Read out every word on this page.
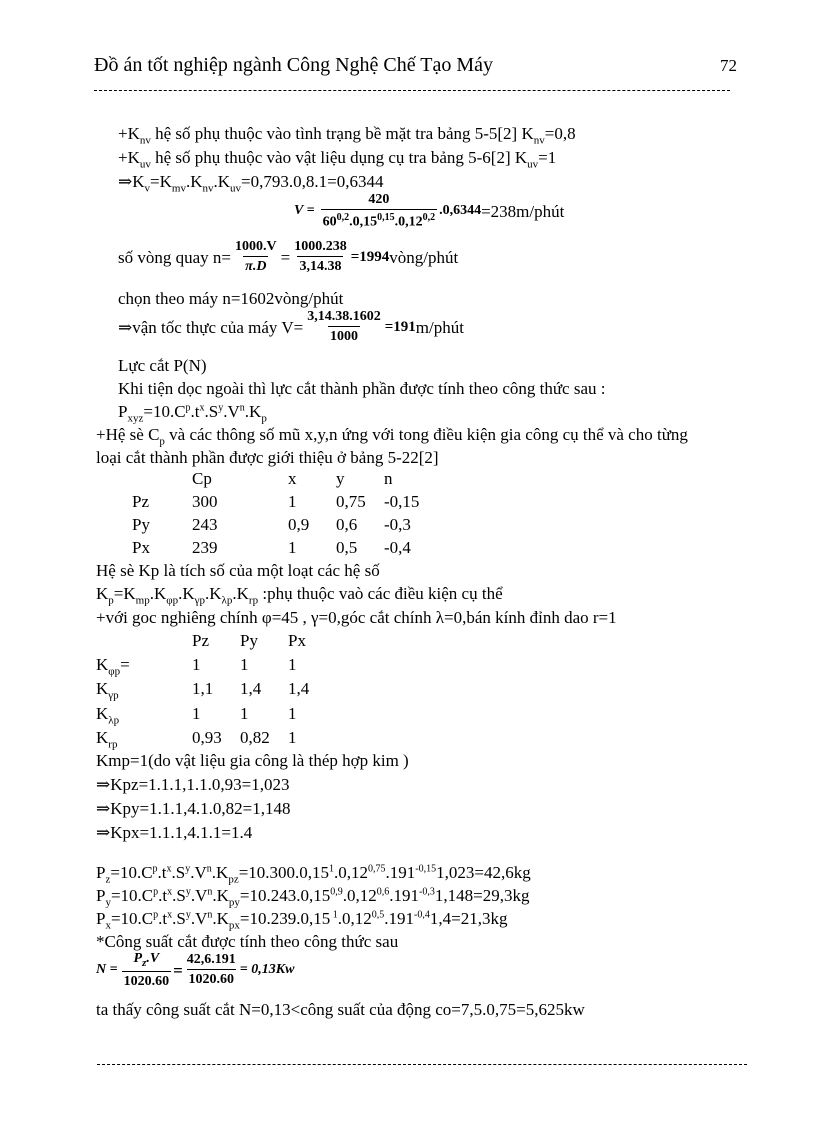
Đồ án tốt nghiệp ngành Công Nghệ Chế Tạo Máy	72
$+K_{nv}$ hệ số phụ thuộc vào tình trạng bề mặt tra bảng 5-5[2] $K_{nv}=0,8$
$+K_{uv}$ hệ số phụ thuộc vào vật liệu dụng cụ tra bảng 5-6[2] $K_{uv}=1$
$\Rightarrow K_v=K_{mv}.K_{nv}.K_{uv}=0,793.0,8.1=0,6344$
$V = \frac{420}{60^{0,2}.0,15^{0,15}.0,12^{0,2}} .0,6344$ =238m/phút
số vòng quay $n= \frac{1000.V}{\pi.D} = \frac{1000.238}{3,14.38} =1994$ vòng/phút
chọn theo máy n=1602vòng/phút
⇒vận tốc thực của máy $V= \frac{3,14.38.1602}{1000} =191$ m/phút
Lực cắt P(N)
Khi tiện dọc ngoài thì lực cắt thành phần được tính theo công thức sau :
$P_{xyz}=10.C^p.t^x.S^y.V^n.K_p$
+Hệ sè $C_p$ và các thông số mũ x,y,n ứng với tong điều kiện gia công cụ thể và cho từng
loại cắt thành phần được giới thiệu ở bảng 5-22[2]
Cp	x y n
Pz	300	1 0,75 -0,15
Py 243	0,9 0,6 -0,3
Px 239	1 0,5 -0,4
Hệ sè Kp là tích số của một loạt các hệ số
$K_p=K_{mp}.K_{\varphi p}.K_{\gamma p}.K_{\lambda p}.K_{rp}$ :phụ thuộc vaò các điều kiện cụ thể
+với goc nghiêng chính φ=45 , γ=0,góc cắt chính λ=0,bán kính đỉnh dao r=1
Pz Py Px
$K_{\varphi p}=$	1 1 1
$K_{\gamma p}$	1,1 1,4 1,4
$K_{\lambda p}$	1 1 1
$K_{rp}$	0,93 0,82 1
Kmp=1(do vật liệu gia công là thép hợp kim )
⇒Kpz=1.1.1,1.1.0,93=1,023
⇒Kpy=1.1.1,4.1.0,82=1,148
⇒Kpx=1.1.1,4.1.1=1.4
$P_z=10.C^p.t^x.S^y.V^n.K_{pz}=10.300.0,15^1.0,12^{0,75}.191^{-0,15}1,023=42,6kg$
$P_y=10.C^p.t^x.S^y.V^n.K_{py}=10.243.0,15^{0,9}.0,12^{0,6}.191^{-0,3}1,148=29,3kg$
$P_x=10.C^p.t^x.S^y.V^n.K_{px}=10.239.0,15$ $^1.0,12^{0,5}.191^{-0,4}1,4=21,3kg$
*Công suất cắt được tính theo công thức sau
$N = \frac{P_z.V}{1020.60} = \frac{42,6.191}{1020.60} = 0,13Kw$
ta thấy công suất cắt N=0,13<công suất của động co=7,5.0,75=5,625kw
